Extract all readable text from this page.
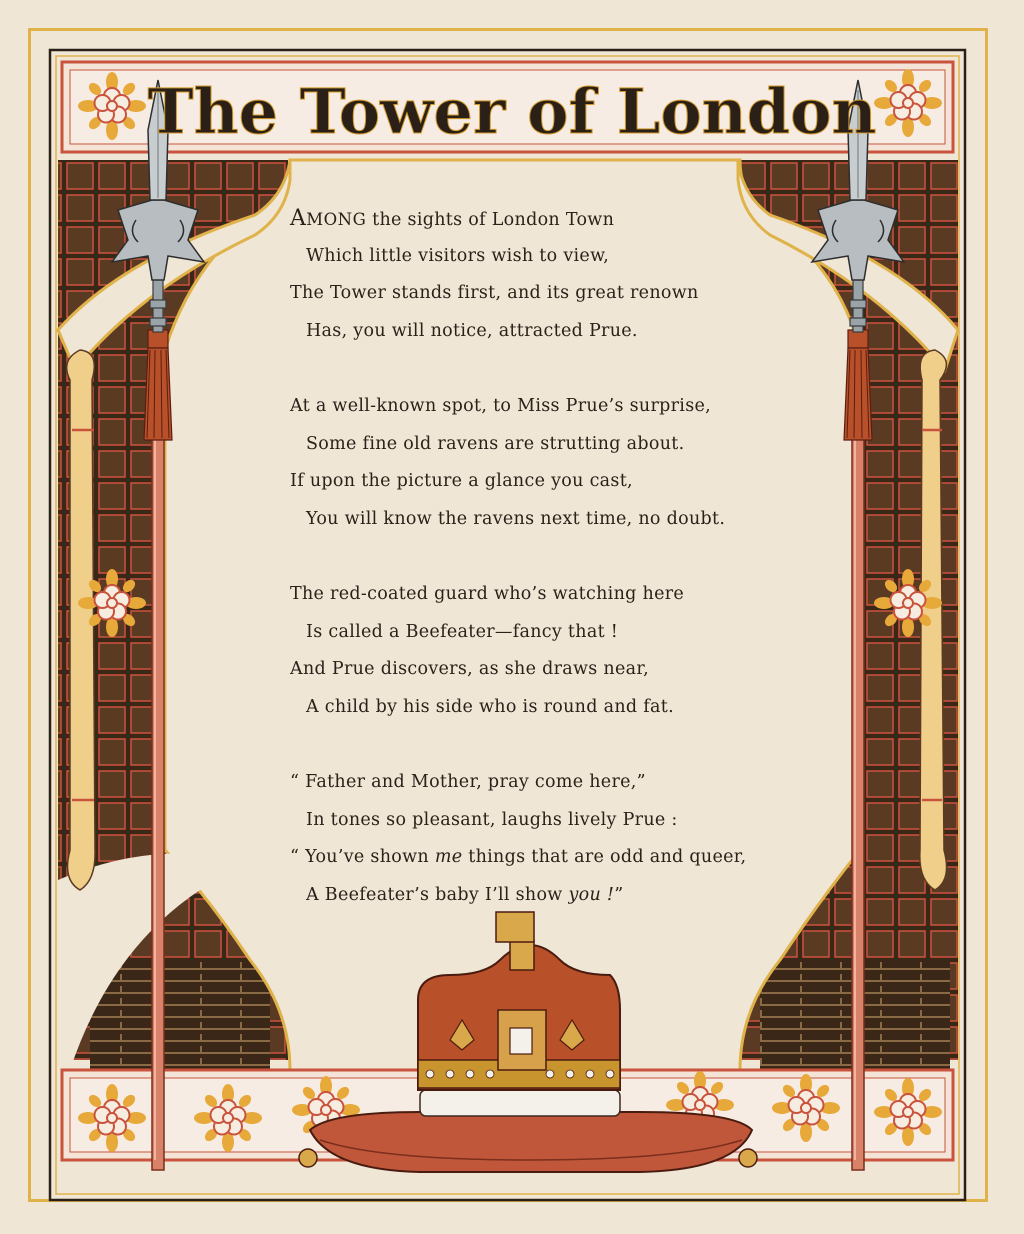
The Tower of London
AMONG the sights of London Town
Which little visitors wish to view,
The Tower stands first, and its great renown
Has, you will notice, attracted Prue.
At a well-known spot, to Miss Prue’s surprise,
Some fine old ravens are strutting about.
If upon the picture a glance you cast,
You will know the ravens next time, no doubt.
The red-coated guard who’s watching here
Is called a Beefeater—fancy that !
And Prue discovers, as she draws near,
A child by his side who is round and fat.
“ Father and Mother, pray come here,”
In tones so pleasant, laughs lively Prue :
“ You’ve shown me things that are odd and queer,
A Beefeater’s baby I’ll show you !”
